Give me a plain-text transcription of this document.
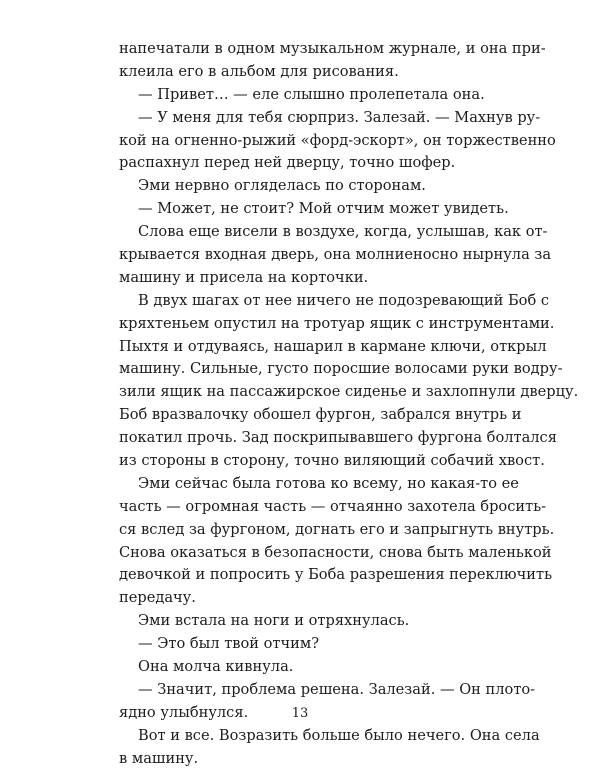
напечатали в одном музыкальном журнале, и она при-
клеила его в альбом для рисования.
— Привет… — еле слышно пролепетала она.
— У меня для тебя сюрприз. Залезай. — Махнув ру-
кой на огненно-рыжий «форд-эскорт», он торжественно
распахнул перед ней дверцу, точно шофер.
Эми нервно огляделась по сторонам.
— Может, не стоит? Мой отчим может увидеть.
Слова еще висели в воздухе, когда, услышав, как от-
крывается входная дверь, она молниеносно нырнула за
машину и присела на корточки.
В двух шагах от нее ничего не подозревающий Боб с
кряхтеньем опустил на тротуар ящик с инструментами.
Пыхтя и отдуваясь, нашарил в кармане ключи, открыл
машину. Сильные, густо поросшие волосами руки водру-
зили ящик на пассажирское сиденье и захлопнули дверцу.
Боб вразвалочку обошел фургон, забрался внутрь и
покатил прочь. Зад поскрипывавшего фургона болтался
из стороны в сторону, точно виляющий собачий хвост.
Эми сейчас была готова ко всему, но какая-то ее
часть — огромная часть — отчаянно захотела бросить-
ся вслед за фургоном, догнать его и запрыгнуть внутрь.
Снова оказаться в безопасности, снова быть маленькой
девочкой и попросить у Боба разрешения переключить
передачу.
Эми встала на ноги и отряхнулась.
— Это был твой отчим?
Она молча кивнула.
— Значит, проблема решена. Залезай. — Он плото-
ядно улыбнулся.
Вот и все. Возразить больше было нечего. Она села
в машину.
13
